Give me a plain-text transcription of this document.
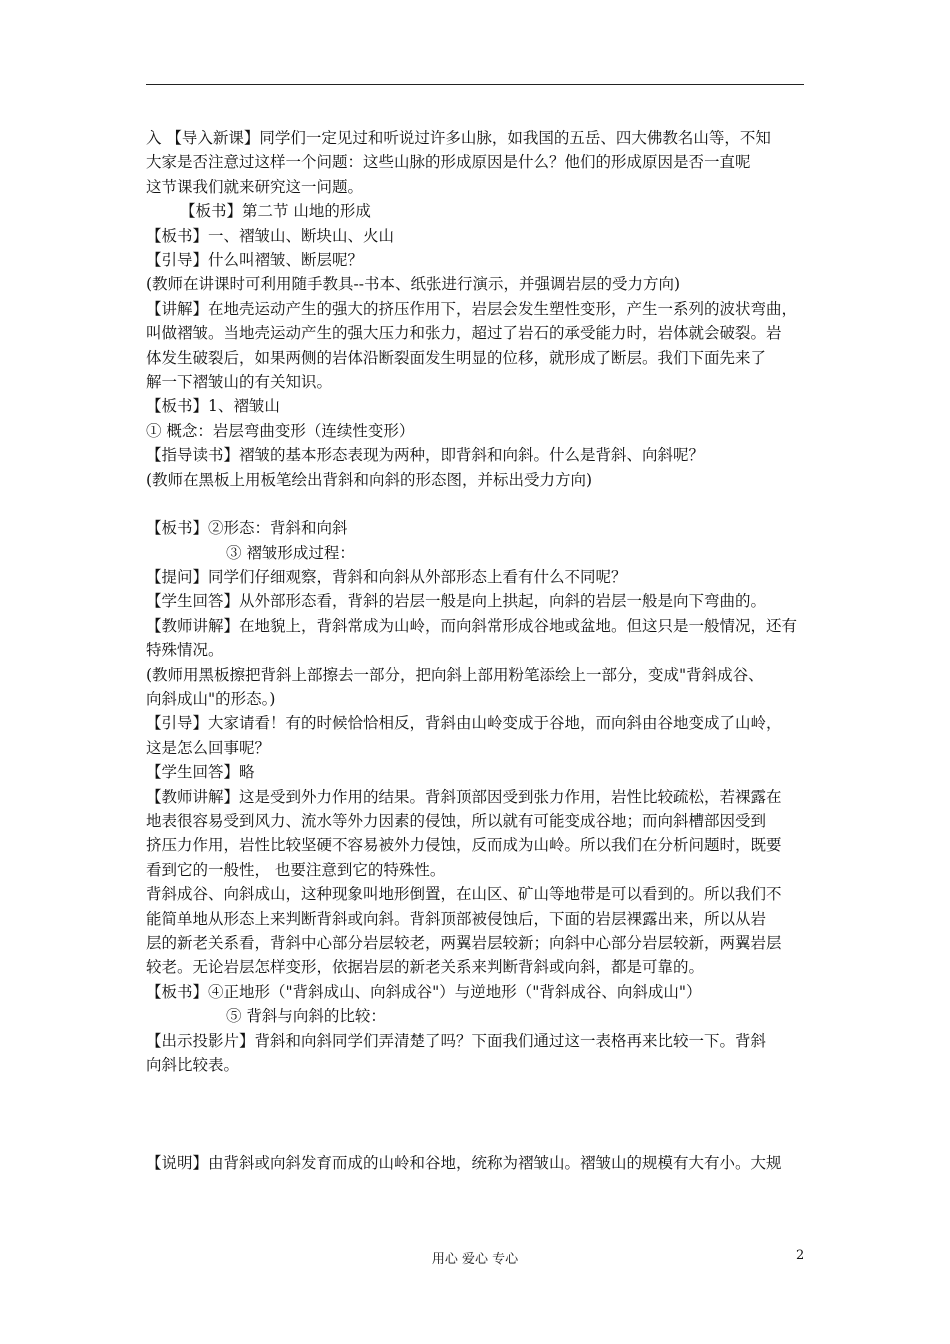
入 【导入新课】同学们一定见过和听说过许多山脉，如我国的五岳、四大佛教名山等，不知

大家是否注意过这样一个问题：这些山脉的形成原因是什么？他们的形成原因是否一直呢

这节课我们就来研究这一问题。

【板书】第二节 山地的形成

【板书】一、褶皱山、断块山、火山

【引导】什么叫褶皱、断层呢？

(教师在讲课时可利用随手教具--书本、纸张进行演示，并强调岩层的受力方向)

【讲解】在地壳运动产生的强大的挤压作用下，岩层会发生塑性变形，产生一系列的波状弯曲，

叫做褶皱。当地壳运动产生的强大压力和张力，超过了岩石的承受能力时，岩体就会破裂。岩

体发生破裂后，如果两侧的岩体沿断裂面发生明显的位移，就形成了断层。我们下面先来了

解一下褶皱山的有关知识。

【板书】1、褶皱山

① 概念：岩层弯曲变形（连续性变形）

【指导读书】褶皱的基本形态表现为两种，即背斜和向斜。什么是背斜、向斜呢？

(教师在黑板上用板笔绘出背斜和向斜的形态图，并标出受力方向)

【板书】②形态：背斜和向斜

③ 褶皱形成过程：

【提问】同学们仔细观察，背斜和向斜从外部形态上看有什么不同呢？

【学生回答】从外部形态看，背斜的岩层一般是向上拱起，向斜的岩层一般是向下弯曲的。

【教师讲解】在地貌上，背斜常成为山岭，而向斜常形成谷地或盆地。但这只是一般情况，还有

特殊情况。

(教师用黑板擦把背斜上部擦去一部分，把向斜上部用粉笔添绘上一部分，变成"背斜成谷、

向斜成山"的形态。)

【引导】大家请看！有的时候恰恰相反，背斜由山岭变成于谷地，而向斜由谷地变成了山岭，

这是怎么回事呢？

【学生回答】略

【教师讲解】这是受到外力作用的结果。背斜顶部因受到张力作用，岩性比较疏松，若裸露在

地表很容易受到风力、流水等外力因素的侵蚀，所以就有可能变成谷地；而向斜槽部因受到

挤压力作用，岩性比较坚硬不容易被外力侵蚀，反而成为山岭。所以我们在分析问题时，既要

看到它的一般性， 也要注意到它的特殊性。

背斜成谷、向斜成山，这种现象叫地形倒置，在山区、矿山等地带是可以看到的。所以我们不

能简单地从形态上来判断背斜或向斜。背斜顶部被侵蚀后，下面的岩层裸露出来，所以从岩

层的新老关系看，背斜中心部分岩层较老，两翼岩层较新；向斜中心部分岩层较新，两翼岩层

较老。无论岩层怎样变形，依据岩层的新老关系来判断背斜或向斜，都是可靠的。

【板书】④正地形（"背斜成山、向斜成谷"）与逆地形（"背斜成谷、向斜成山"）

⑤ 背斜与向斜的比较：

【出示投影片】背斜和向斜同学们弄清楚了吗？下面我们通过这一表格再来比较一下。背斜

向斜比较表。

【说明】由背斜或向斜发育而成的山岭和谷地，统称为褶皱山。褶皱山的规模有大有小。大规

用心 爱心 专心	2
